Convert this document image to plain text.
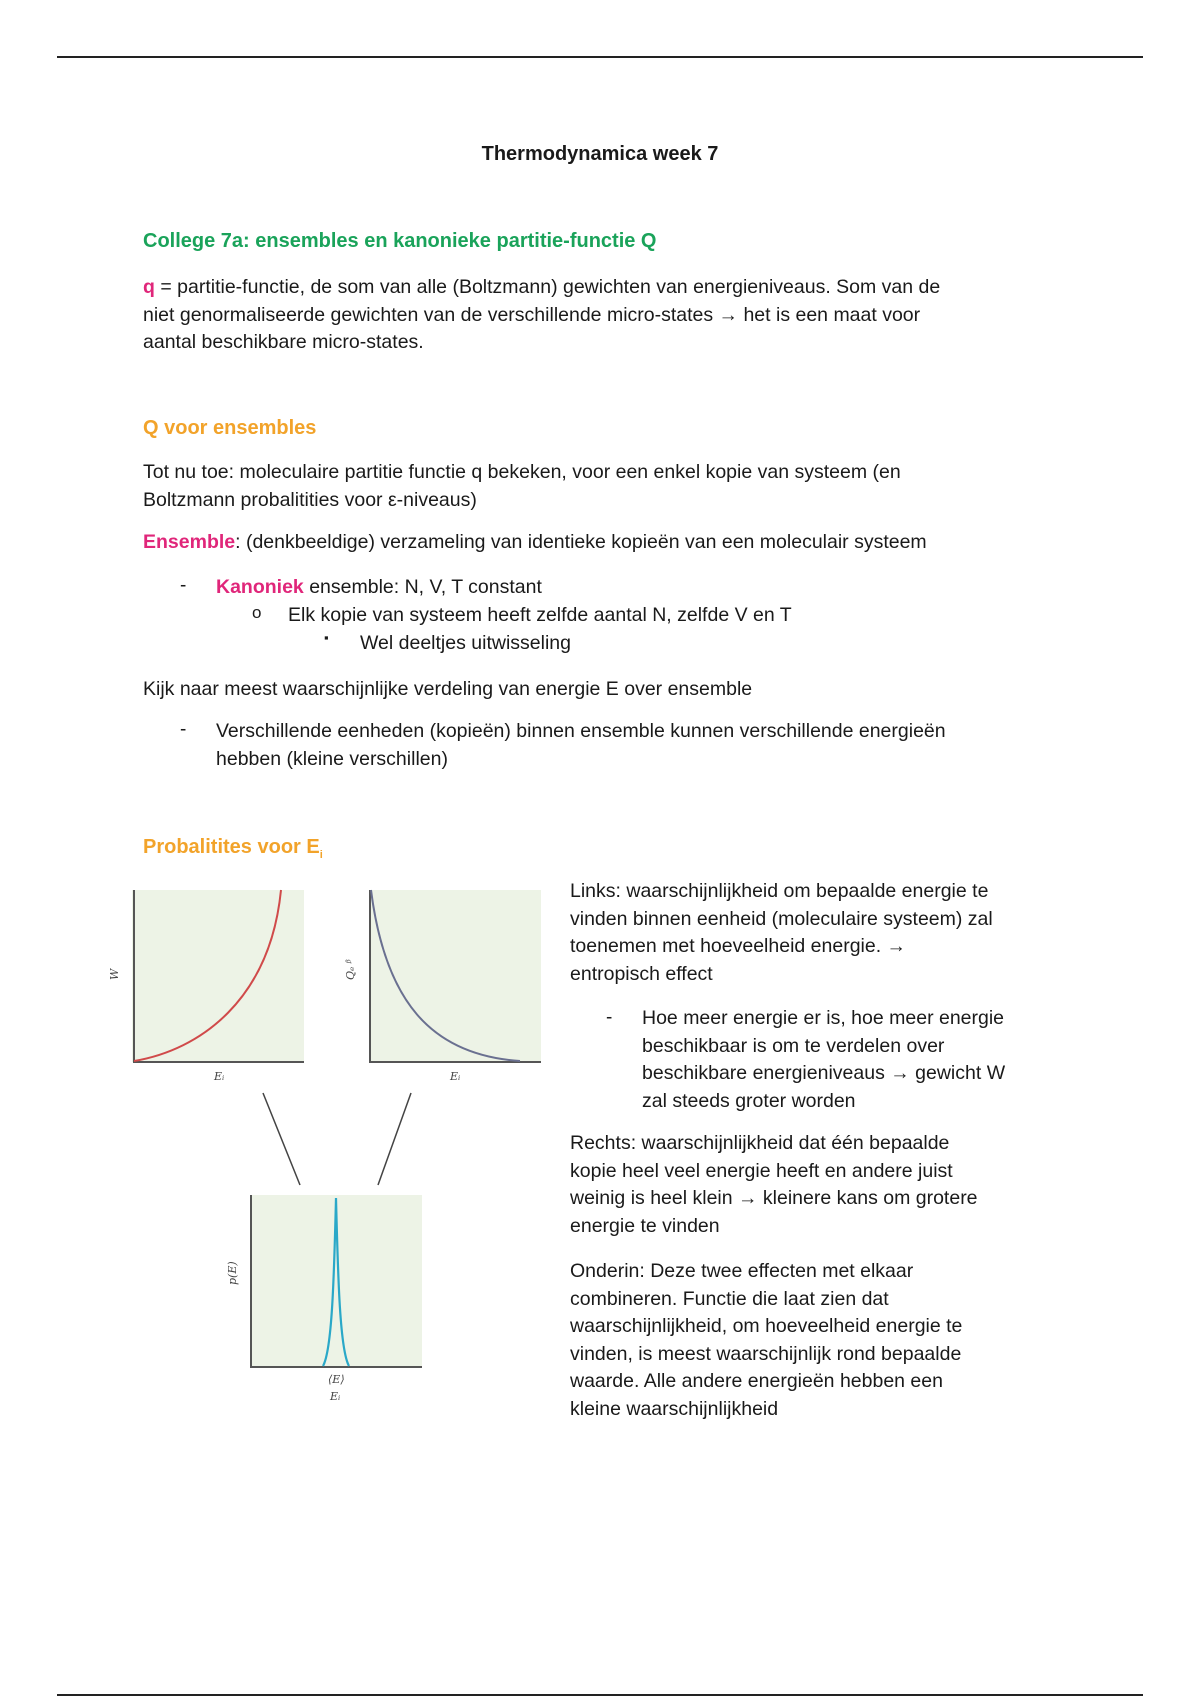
Thermodynamica week 7
College 7a: ensembles en kanonieke partitie-functie Q
q = partitie-functie, de som van alle (Boltzmann) gewichten van energieniveaus. Som van de
niet genormaliseerde gewichten van de verschillende micro-states → het is een maat voor
aantal beschikbare micro-states.
Q voor ensembles
Tot nu toe: moleculaire partitie functie q bekeken, voor een enkel kopie van systeem (en
Boltzmann probalitities voor ε-niveaus)
Ensemble: (denkbeeldige) verzameling van identieke kopieën van een moleculair systeem
- Kanoniek ensemble: N, V, T constant
o Elk kopie van systeem heeft zelfde aantal N, zelfde V en T
▪ Wel deeltjes uitwisseling
Kijk naar meest waarschijnlijke verdeling van energie E over ensemble
- Verschillende eenheden (kopieën) binnen ensemble kunnen verschillende energieën
hebben (kleine verschillen)
Probalitites voor $E_i$
W
Eᵢ
Qₑ ᵝ
Eᵢ
p(E)
⟨E⟩
Eᵢ
Links: waarschijnlijkheid om bepaalde energie te
vinden binnen eenheid (moleculaire systeem) zal
toenemen met hoeveelheid energie. →
entropisch effect
- Hoe meer energie er is, hoe meer energie
beschikbaar is om te verdelen over
beschikbare energieniveaus → gewicht W
zal steeds groter worden
Rechts: waarschijnlijkheid dat één bepaalde
kopie heel veel energie heeft en andere juist
weinig is heel klein → kleinere kans om grotere
energie te vinden
Onderin: Deze twee effecten met elkaar
combineren. Functie die laat zien dat
waarschijnlijkheid, om hoeveelheid energie te
vinden, is meest waarschijnlijk rond bepaalde
waarde. Alle andere energieën hebben een
kleine waarschijnlijkheid
